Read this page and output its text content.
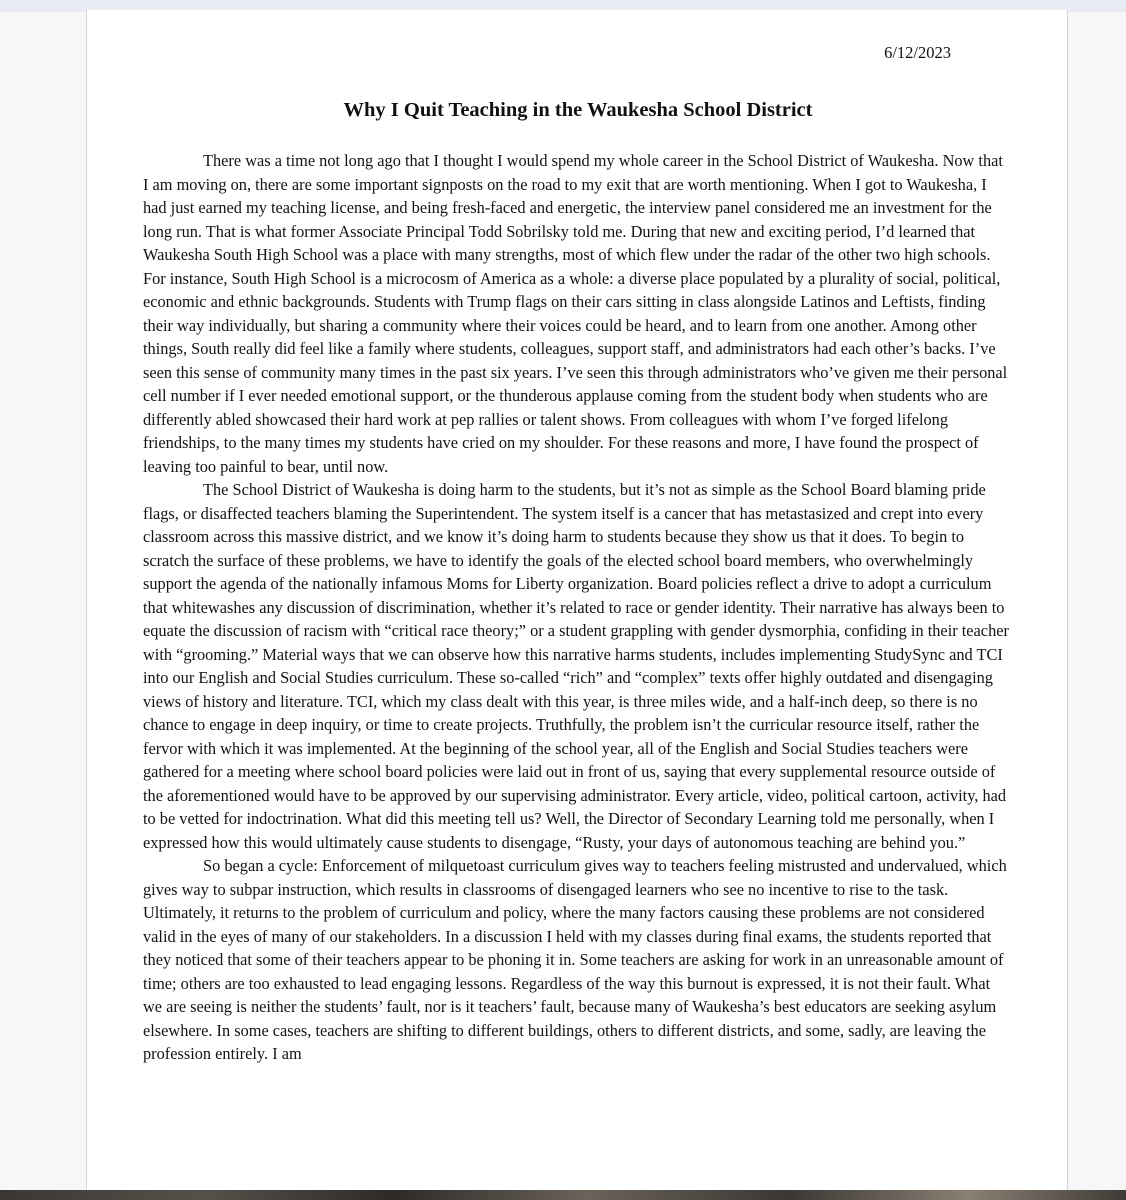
6/12/2023
Why I Quit Teaching in the Waukesha School District

There was a time not long ago that I thought I would spend my whole career in the School District of Waukesha. Now that I am moving on, there are some important signposts on the road to my exit that are worth mentioning. When I got to Waukesha, I had just earned my teaching license, and being fresh-faced and energetic, the interview panel considered me an investment for the long run. That is what former Associate Principal Todd Sobrilsky told me. During that new and exciting period, I’d learned that Waukesha South High School was a place with many strengths, most of which flew under the radar of the other two high schools. For instance, South High School is a microcosm of America as a whole: a diverse place populated by a plurality of social, political, economic and ethnic backgrounds. Students with Trump flags on their cars sitting in class alongside Latinos and Leftists, finding their way individually, but sharing a community where their voices could be heard, and to learn from one another. Among other things, South really did feel like a family where students, colleagues, support staff, and administrators had each other’s backs. I’ve seen this sense of community many times in the past six years. I’ve seen this through administrators who’ve given me their personal cell number if I ever needed emotional support, or the thunderous applause coming from the student body when students who are differently abled showcased their hard work at pep rallies or talent shows. From colleagues with whom I’ve forged lifelong friendships, to the many times my students have cried on my shoulder. For these reasons and more, I have found the prospect of leaving too painful to bear, until now.

The School District of Waukesha is doing harm to the students, but it’s not as simple as the School Board blaming pride flags, or disaffected teachers blaming the Superintendent. The system itself is a cancer that has metastasized and crept into every classroom across this massive district, and we know it’s doing harm to students because they show us that it does. To begin to scratch the surface of these problems, we have to identify the goals of the elected school board members, who overwhelmingly support the agenda of the nationally infamous Moms for Liberty organization. Board policies reflect a drive to adopt a curriculum that whitewashes any discussion of discrimination, whether it’s related to race or gender identity. Their narrative has always been to equate the discussion of racism with “critical race theory;” or a student grappling with gender dysmorphia, confiding in their teacher with “grooming.” Material ways that we can observe how this narrative harms students, includes implementing StudySync and TCI into our English and Social Studies curriculum. These so-called “rich” and “complex” texts offer highly outdated and disengaging views of history and literature. TCI, which my class dealt with this year, is three miles wide, and a half-inch deep, so there is no chance to engage in deep inquiry, or time to create projects. Truthfully, the problem isn’t the curricular resource itself, rather the fervor with which it was implemented. At the beginning of the school year, all of the English and Social Studies teachers were gathered for a meeting where school board policies were laid out in front of us, saying that every supplemental resource outside of the aforementioned would have to be approved by our supervising administrator. Every article, video, political cartoon, activity, had to be vetted for indoctrination. What did this meeting tell us? Well, the Director of Secondary Learning told me personally, when I expressed how this would ultimately cause students to disengage, “Rusty, your days of autonomous teaching are behind you.”

So began a cycle: Enforcement of milquetoast curriculum gives way to teachers feeling mistrusted and undervalued, which gives way to subpar instruction, which results in classrooms of disengaged learners who see no incentive to rise to the task. Ultimately, it returns to the problem of curriculum and policy, where the many factors causing these problems are not considered valid in the eyes of many of our stakeholders. In a discussion I held with my classes during final exams, the students reported that they noticed that some of their teachers appear to be phoning it in. Some teachers are asking for work in an unreasonable amount of time; others are too exhausted to lead engaging lessons. Regardless of the way this burnout is expressed, it is not their fault. What we are seeing is neither the students’ fault, nor is it teachers’ fault, because many of Waukesha’s best educators are seeking asylum elsewhere. In some cases, teachers are shifting to different buildings, others to different districts, and some, sadly, are leaving the profession entirely. I am
